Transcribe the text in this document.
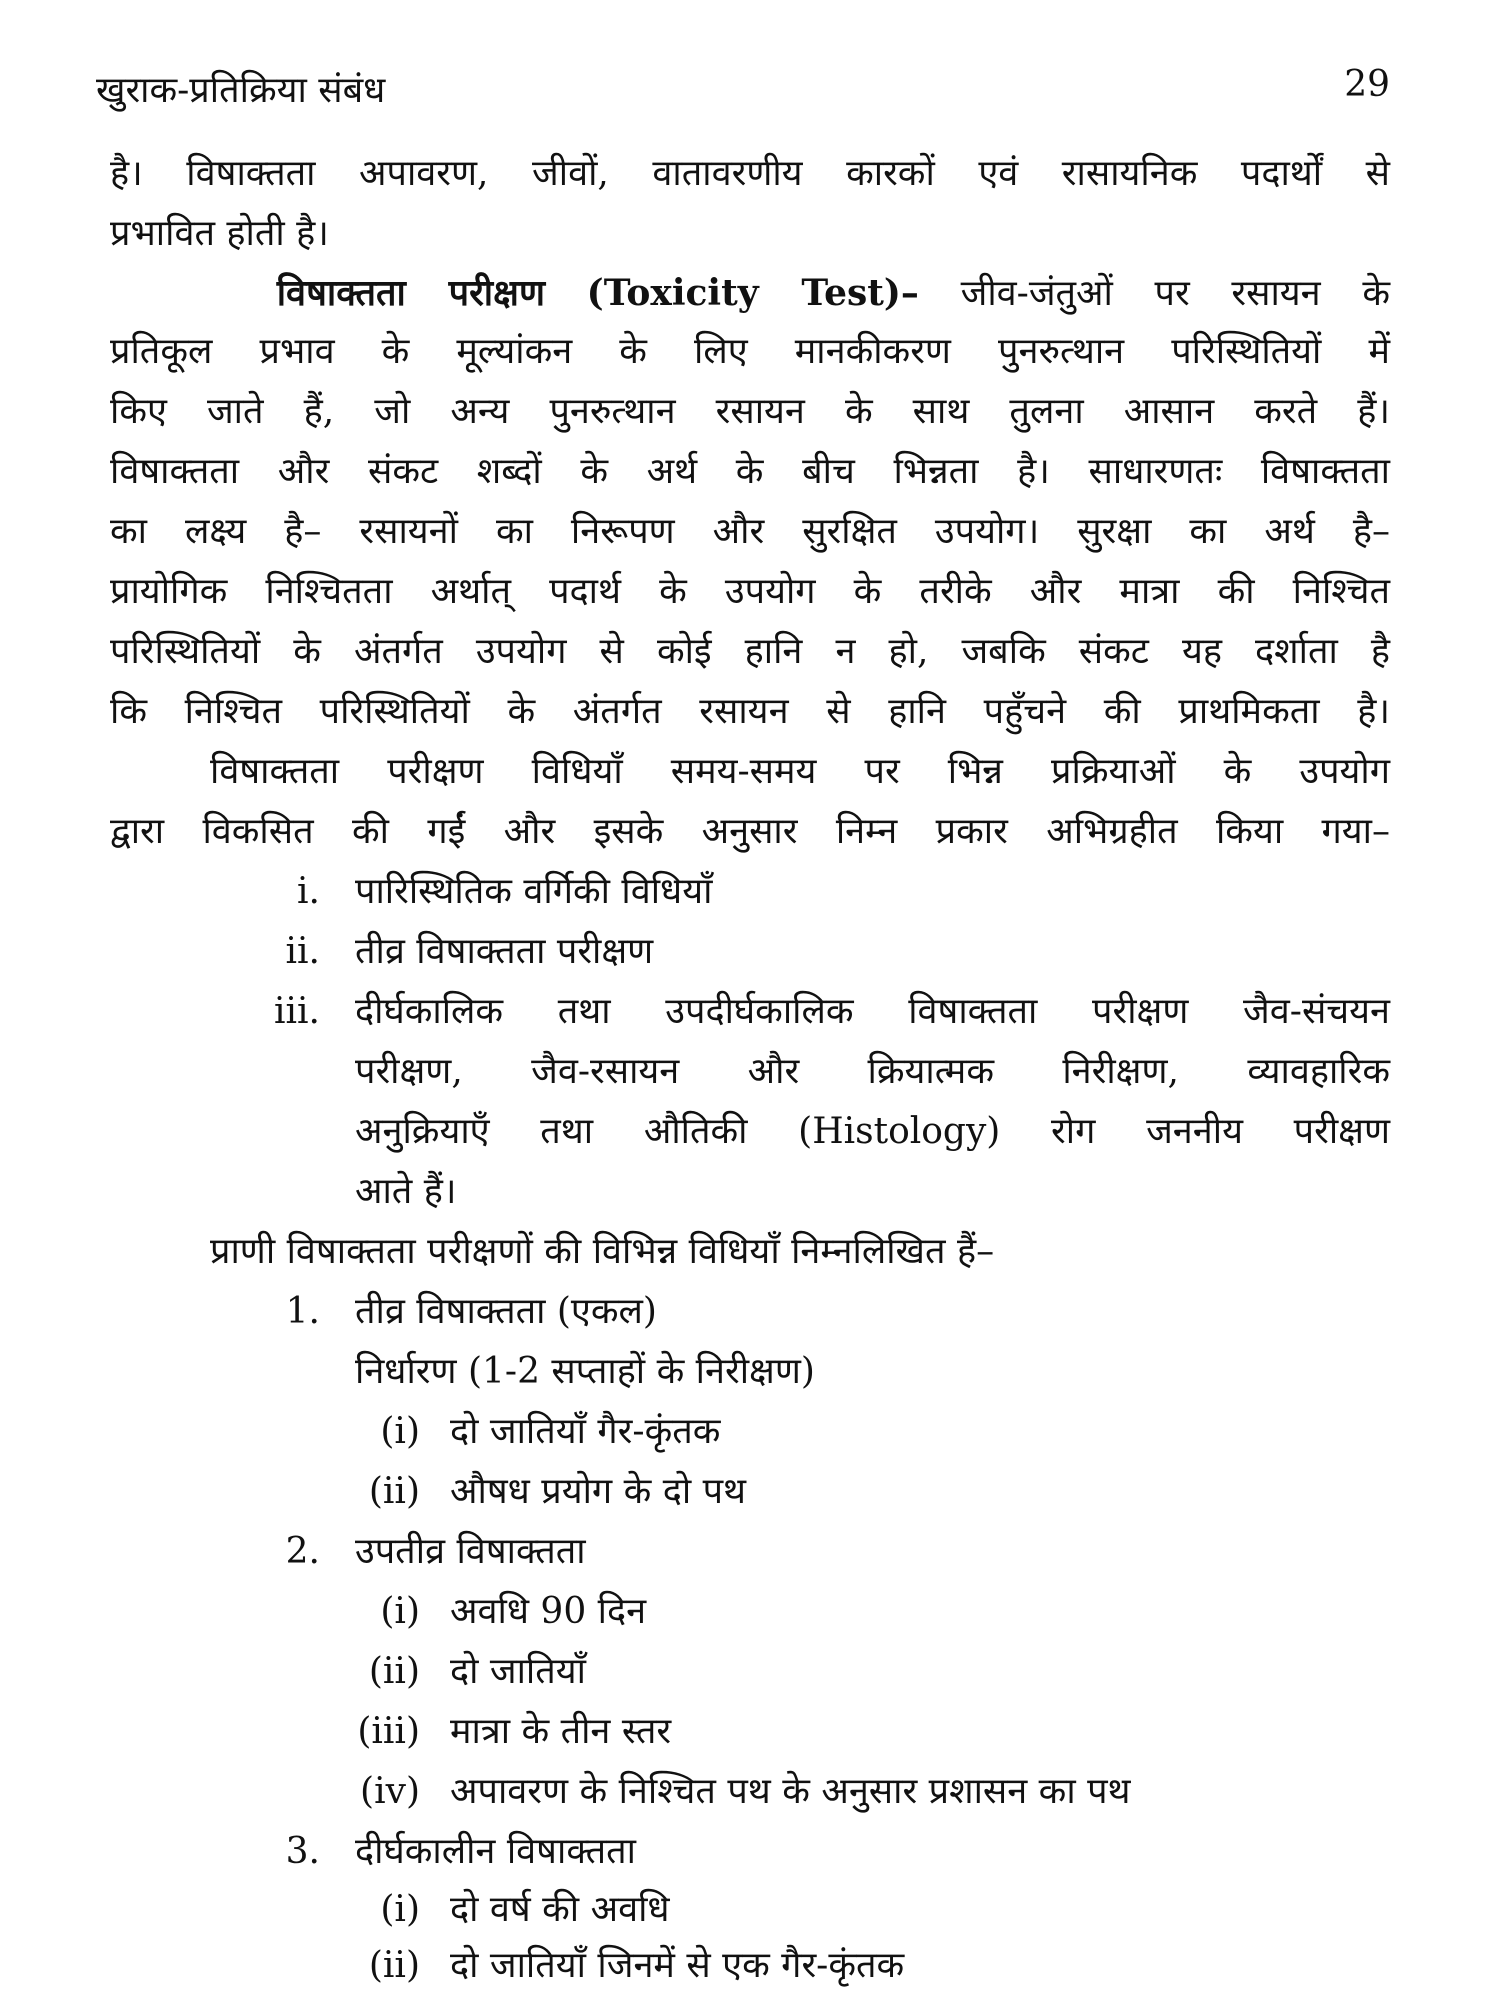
खुराक-प्रतिक्रिया संबंध	29
है। विषाक्तता अपावरण, जीवों, वातावरणीय कारकों एवं रासायनिक पदार्थों से
प्रभावित होती है।
विषाक्तता परीक्षण (Toxicity Test)– जीव-जंतुओं पर रसायन के
प्रतिकूल प्रभाव के मूल्यांकन के लिए मानकीकरण पुनरुत्थान परिस्थितियों में
किए जाते हैं, जो अन्य पुनरुत्थान रसायन के साथ तुलना आसान करते हैं।
विषाक्तता और संकट शब्दों के अर्थ के बीच भिन्नता है। साधारणतः विषाक्तता
का लक्ष्य है– रसायनों का निरूपण और सुरक्षित उपयोग। सुरक्षा का अर्थ है–
प्रायोगिक निश्चितता अर्थात् पदार्थ के उपयोग के तरीके और मात्रा की निश्चित
परिस्थितियों के अंतर्गत उपयोग से कोई हानि न हो, जबकि संकट यह दर्शाता है
कि निश्चित परिस्थितियों के अंतर्गत रसायन से हानि पहुँचने की प्राथमिकता है।
विषाक्तता परीक्षण विधियाँ समय-समय पर भिन्न प्रक्रियाओं के उपयोग
द्वारा विकसित की गईं और इसके अनुसार निम्न प्रकार अभिग्रहीत किया गया–
i. पारिस्थितिक वर्गिकी विधियाँ
ii. तीव्र विषाक्तता परीक्षण
iii. दीर्घकालिक तथा उपदीर्घकालिक विषाक्तता परीक्षण जैव-संचयन
परीक्षण, जैव-रसायन और क्रियात्मक निरीक्षण, व्यावहारिक
अनुक्रियाएँ तथा औतिकी (Histology) रोग जननीय परीक्षण
आते हैं।
प्राणी विषाक्तता परीक्षणों की विभिन्न विधियाँ निम्नलिखित हैं–
1. तीव्र विषाक्तता (एकल)
निर्धारण (1-2 सप्ताहों के निरीक्षण)
(i) दो जातियाँ गैर-कृंतक
(ii) औषध प्रयोग के दो पथ
2. उपतीव्र विषाक्तता
(i) अवधि 90 दिन
(ii) दो जातियाँ
(iii) मात्रा के तीन स्तर
(iv) अपावरण के निश्चित पथ के अनुसार प्रशासन का पथ
3. दीर्घकालीन विषाक्तता
(i) दो वर्ष की अवधि
(ii) दो जातियाँ जिनमें से एक गैर-कृंतक
